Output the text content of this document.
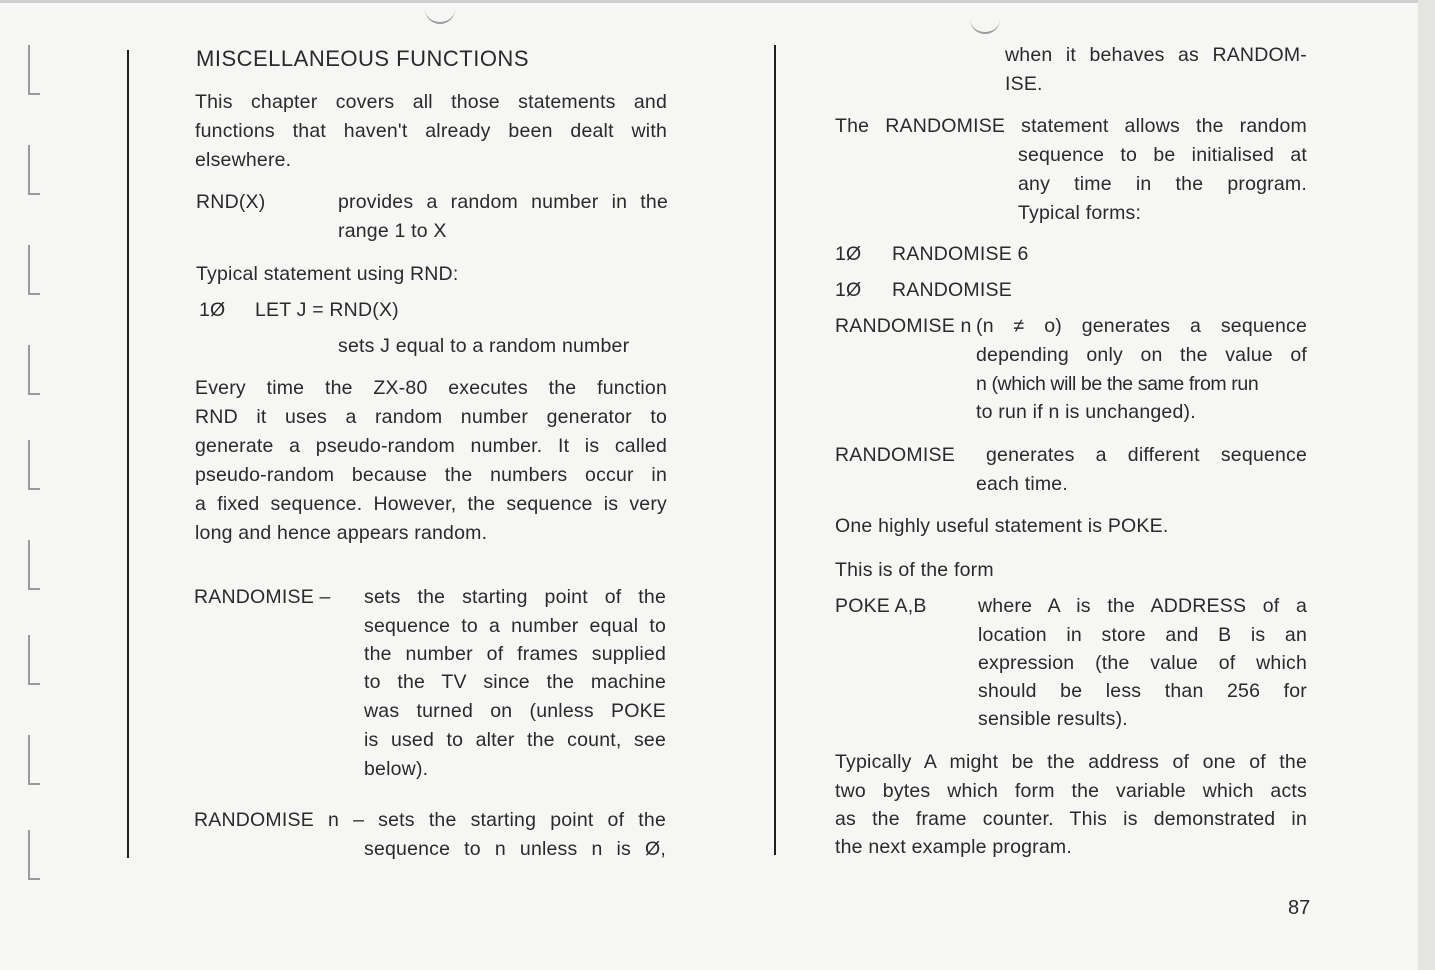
MISCELLANEOUS FUNCTIONS
This chapter covers all those statements and
functions that haven't already been dealt with
elsewhere.
RND(X)	provides a random number in the
range 1 to X
Typical statement using RND:
1Ø LET J = RND(X)
sets J equal to a random number
Every time the ZX-80 executes the function
RND it uses a random number generator to
generate a pseudo-random number. It is called
pseudo-random because the numbers occur in
a fixed sequence. However, the sequence is very
long and hence appears random.
RANDOMISE – sets the starting point of the
sequence to a number equal to
the number of frames supplied
to the TV since the machine
was turned on (unless POKE
is used to alter the count, see
below).
RANDOMISE n – sets the starting point of the
sequence to n unless n is Ø,
when it behaves as RANDOM-
ISE.
The RANDOMISE statement allows the random
sequence to be initialised at
any time in the program.
Typical forms:
1Ø RANDOMISE 6
1Ø RANDOMISE
RANDOMISE n (n ≠ o) generates a sequence
depending only on the value of
n (which will be the same from run
to run if n is unchanged).
RANDOMISE generates a different sequence
each time.
One highly useful statement is POKE.
This is of the form
POKE A,B	where A is the ADDRESS of a
location in store and B is an
expression (the value of which
should be less than 256 for
sensible results).
Typically A might be the address of one of the
two bytes which form the variable which acts
as the frame counter. This is demonstrated in
the next example program.
87
